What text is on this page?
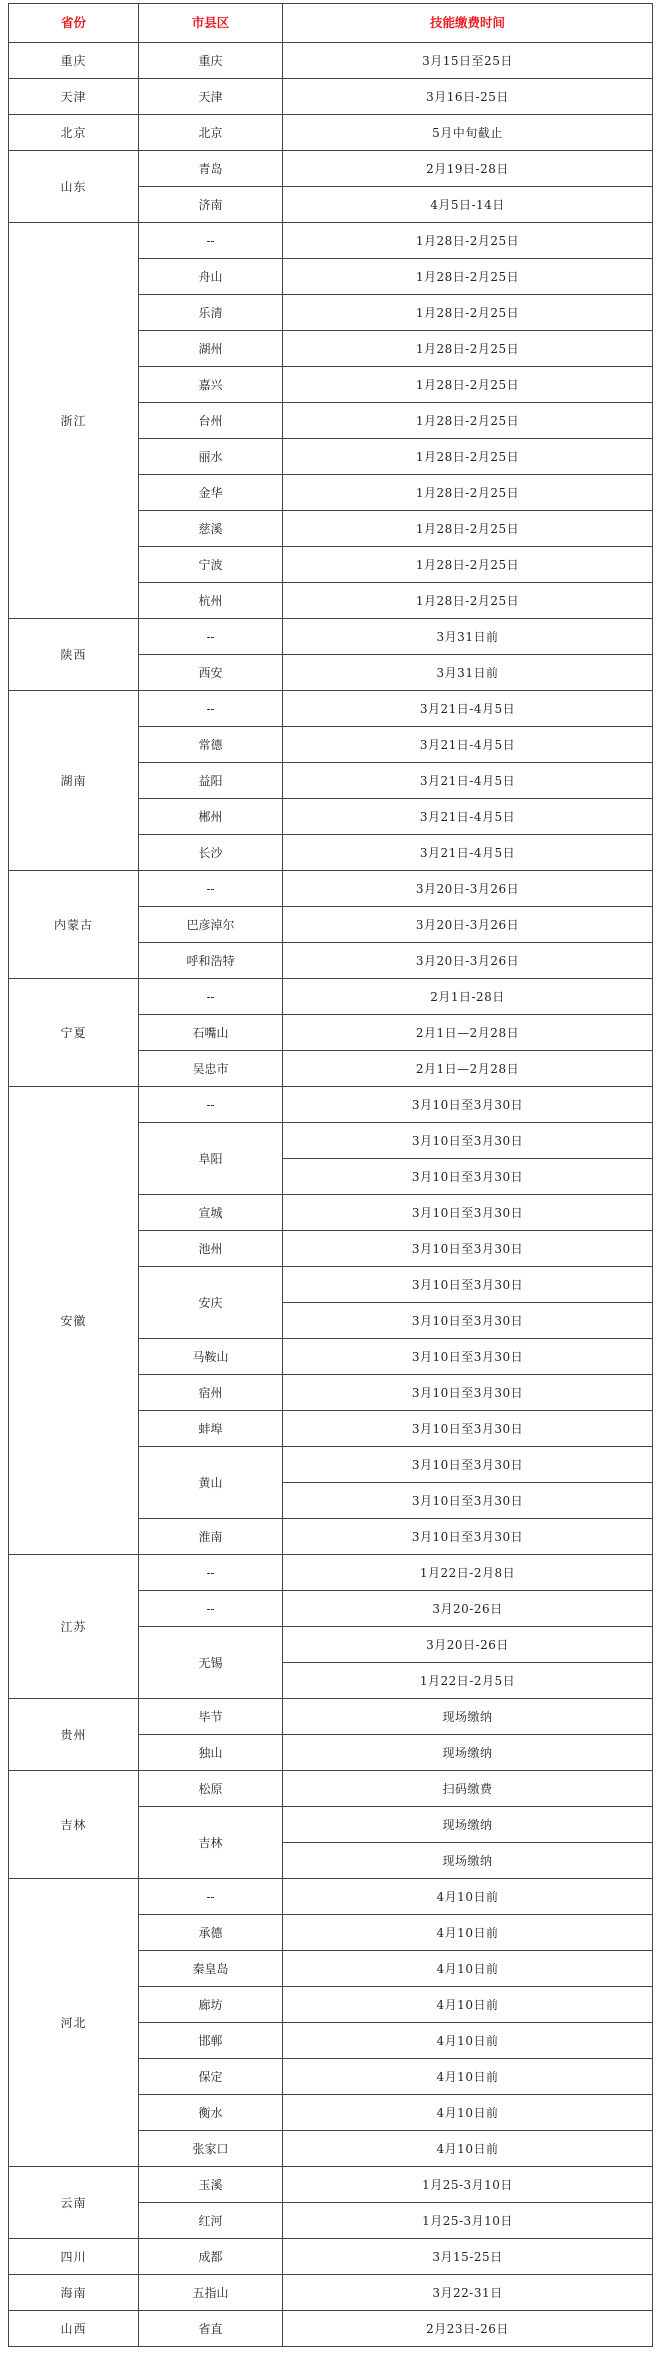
省份	市县区	技能缴费时间
重庆	重庆	3月15日至25日
天津	天津	3月16日-25日
北京	北京	5月中旬截止
山东	青岛	2月19日-28日
	济南	4月5日-14日
浙江	--	1月28日-2月25日
	舟山	1月28日-2月25日
	乐清	1月28日-2月25日
	湖州	1月28日-2月25日
	嘉兴	1月28日-2月25日
	台州	1月28日-2月25日
	丽水	1月28日-2月25日
	金华	1月28日-2月25日
	慈溪	1月28日-2月25日
	宁波	1月28日-2月25日
	杭州	1月28日-2月25日
陕西	--	3月31日前
	西安	3月31日前
湖南	--	3月21日-4月5日
	常德	3月21日-4月5日
	益阳	3月21日-4月5日
	郴州	3月21日-4月5日
	长沙	3月21日-4月5日
内蒙古	--	3月20日-3月26日
	巴彦淖尔	3月20日-3月26日
	呼和浩特	3月20日-3月26日
宁夏	--	2月1日-28日
	石嘴山	2月1日—2月28日
	吴忠市	2月1日—2月28日
安徽	--	3月10日至3月30日
	阜阳	3月10日至3月30日
		3月10日至3月30日
	宣城	3月10日至3月30日
	池州	3月10日至3月30日
	安庆	3月10日至3月30日
		3月10日至3月30日
	马鞍山	3月10日至3月30日
	宿州	3月10日至3月30日
	蚌埠	3月10日至3月30日
	黄山	3月10日至3月30日
		3月10日至3月30日
	淮南	3月10日至3月30日
江苏	--	1月22日-2月8日
	--	3月20-26日
	无锡	3月20日-26日
		1月22日-2月5日
贵州	毕节	现场缴纳
	独山	现场缴纳
吉林	松原	扫码缴费
	吉林	现场缴纳
		现场缴纳
河北	--	4月10日前
	承德	4月10日前
	秦皇岛	4月10日前
	廊坊	4月10日前
	邯郸	4月10日前
	保定	4月10日前
	衡水	4月10日前
	张家口	4月10日前
云南	玉溪	1月25-3月10日
	红河	1月25-3月10日
四川	成都	3月15-25日
海南	五指山	3月22-31日
山西	省直	2月23日-26日
